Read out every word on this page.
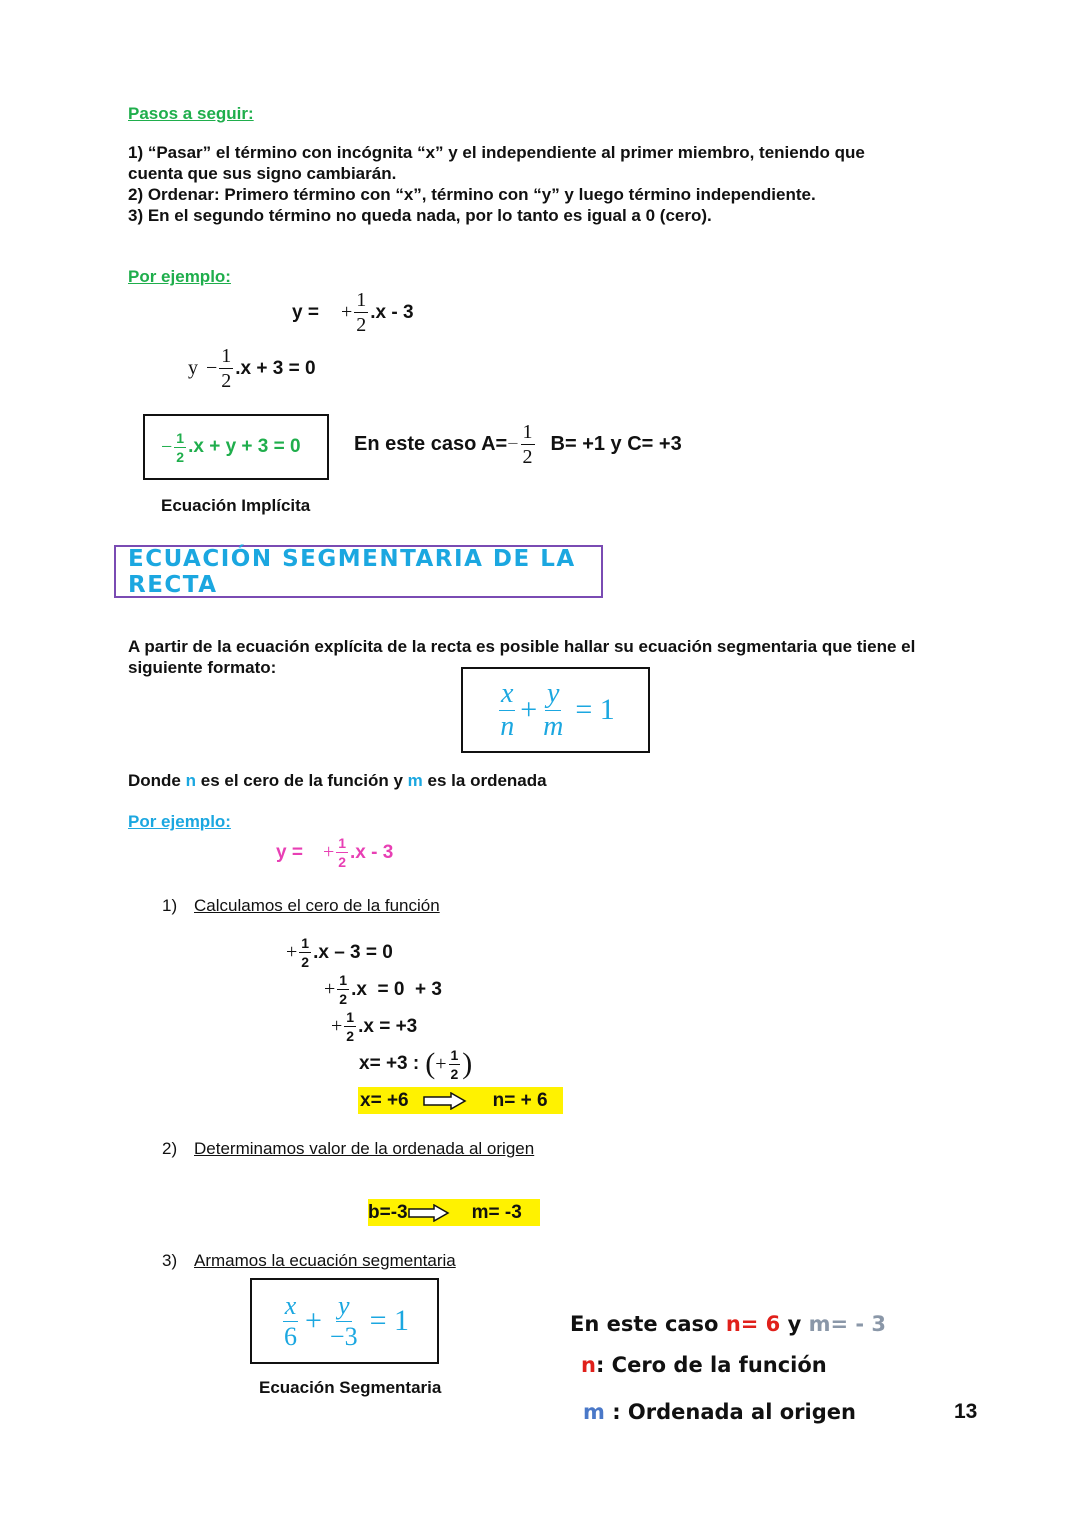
Pasos a seguir:
1) “Pasar” el término con incógnita “x” y el independiente al primer miembro, teniendo que
cuenta que sus signo cambiarán.
2) Ordenar: Primero término con “x”, término con “y” y luego término independiente.
3) En el segundo término no queda nada, por lo tanto es igual a 0 (cero).
Por ejemplo:
y = + $\frac{1}{2} .x - 3$
$y - \frac{1}{2} .x + 3 = 0$
− $\frac{1}{2} .x + y + 3 = 0$	En este caso $A= - \frac{1}{2} B= +1$ y C= +3
Ecuación Implícita
ECUACIÓN SEGMENTARIA DE LA RECTA
A partir de la ecuación explícita de la recta es posible hallar su ecuación segmentaria que tiene el
siguiente formato:
$\frac{x}{n} + \frac{y}{m} = 1$
Donde n es el cero de la función y m es la ordenada
Por ejemplo:
y = + $\frac{1}{2} .x - 3$
1) Calculamos el cero de la función
+ $\frac{1}{2} .x - 3 = 0$
+ $\frac{1}{2} .x = 0 + 3$
+ $\frac{1}{2} .x = +3$
x= +3 : ( + $\frac{1}{2}$ )
x= +6	n= + 6
2) Determinamos valor de la ordenada al origen
b=-3	m= -3
3) Armamos la ecuación segmentaria
$\frac{x}{6} + \frac{y}{-3} = 1$
Ecuación Segmentaria
En este caso n= 6 y m= - 3
n: Cero de la función
m : Ordenada al origen	13
